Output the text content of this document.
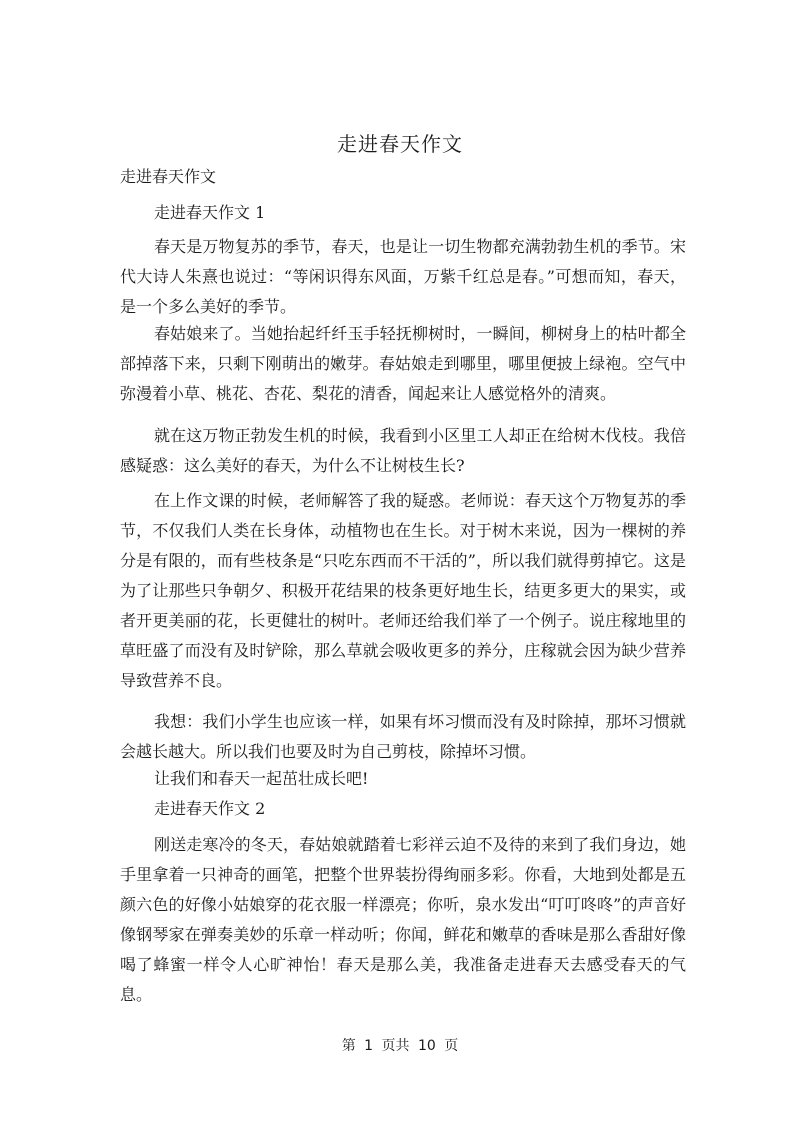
走进春天作文
走进春天作文
走进春天作文 1

春天是万物复苏的季节，春天，也是让一切生物都充满勃勃生机的季节。宋代大诗人朱熹也说过：“等闲识得东风面，万紫千红总是春。”可想而知，春天，是一个多么美好的季节。

春姑娘来了。当她抬起纤纤玉手轻抚柳树时，一瞬间，柳树身上的枯叶都全部掉落下来，只剩下刚萌出的嫩芽。春姑娘走到哪里，哪里便披上绿袍。空气中弥漫着小草、桃花、杏花、梨花的清香，闻起来让人感觉格外的清爽。

就在这万物正勃发生机的时候，我看到小区里工人却正在给树木伐枝。我倍感疑惑：这么美好的春天，为什么不让树枝生长?

在上作文课的时候，老师解答了我的疑惑。老师说：春天这个万物复苏的季节，不仅我们人类在长身体，动植物也在生长。对于树木来说，因为一棵树的养分是有限的，而有些枝条是“只吃东西而不干活的”，所以我们就得剪掉它。这是为了让那些只争朝夕、积极开花结果的枝条更好地生长，结更多更大的果实，或者开更美丽的花，长更健壮的树叶。老师还给我们举了一个例子。说庄稼地里的草旺盛了而没有及时铲除，那么草就会吸收更多的养分，庄稼就会因为缺少营养导致营养不良。

我想：我们小学生也应该一样，如果有坏习惯而没有及时除掉，那坏习惯就会越长越大。所以我们也要及时为自己剪枝，除掉坏习惯。

让我们和春天一起茁壮成长吧!

走进春天作文 2

刚送走寒冷的冬天，春姑娘就踏着七彩祥云迫不及待的来到了我们身边，她手里拿着一只神奇的画笔，把整个世界装扮得绚丽多彩。你看，大地到处都是五颜六色的好像小姑娘穿的花衣服一样漂亮；你听，泉水发出“叮叮咚咚”的声音好像钢琴家在弹奏美妙的乐章一样动听；你闻，鲜花和嫩草的香味是那么香甜好像喝了蜂蜜一样令人心旷神怡！春天是那么美，我准备走进春天去感受春天的气息。

第 1 页共 10 页
